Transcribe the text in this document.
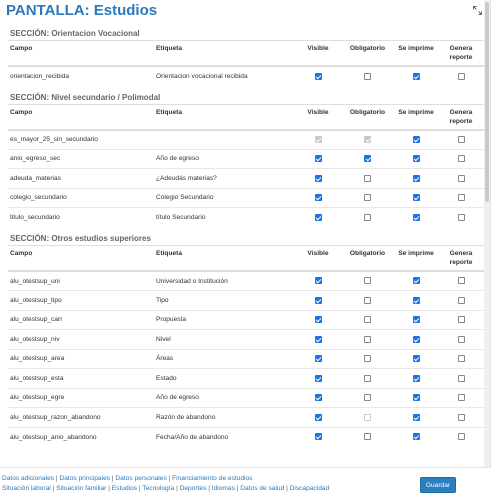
PANTALLA: Estudios
SECCIÓN: Orientacion Vocacional
Campo	Etiqueta	Visible	Obligatorio	Se imprime	Genera reporte
orientacion_recibida	Orientacion vocacional recibida				
SECCIÓN: Nivel secundario / Polimodal
Campo	Etiqueta	Visible	Obligatorio	Se imprime	Genera reporte
es_mayor_25_sin_secundario					
anio_egreso_sec	Año de egreso				
adeuda_materias	¿Adeudás materias?				
colegio_secundario	Colegio Secundario				
titulo_secundario	título Secundario				
SECCIÓN: Otros estudios superiores
Campo	Etiqueta	Visible	Obligatorio	Se imprime	Genera reporte
alu_otestsup_uni	Universidad o Institución				
alu_otestsup_tipo	Tipo				
alu_otestsup_carr	Propuesta				
alu_otestsup_niv	Nivel				
alu_otestsup_area	Áreas				
alu_otestsup_esta	Estado				
alu_otestsup_egre	Año de egreso				
alu_otestsup_razon_abandono	Razón de abandono				
alu_otestsup_anio_abandono	Fecha/Año de abandono				
Datos adicionales | Datos principales | Datos personales | Financiamiento de estudios
Situación laboral | Situación familiar | Estudios | Tecnología | Deportes | Idiomas | Datos de salud | Discapacidad	Guardar
